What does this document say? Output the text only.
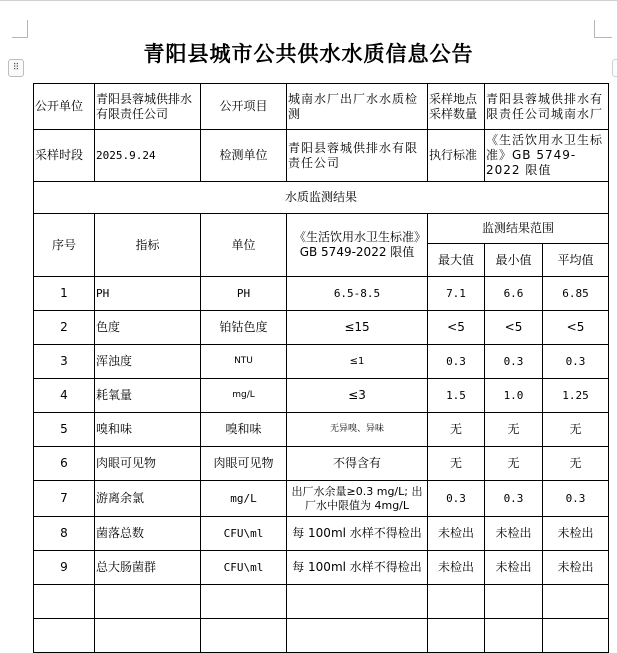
⠿
青阳县城市公共供水水质信息公告
公开单位	青阳县蓉城供排水有限责任公司	公开项目	城南水厂出厂水水质检测	采样地点采样数量	青阳县蓉城供排水有限责任公司城南水厂	
采样时段	2025.9.24	检测单位	青阳县蓉城供排水有限责任公司	执行标准	《生活饮用水卫生标准》GB 5749-2022 限值	
水质监测结果						
序号	指标	单位	《生活饮用水卫生标准》GB 5749-2022 限值	监测结果范围		
				最大值	最小值	平均值
1	PH	PH	6.5-8.5	7.1	6.6	6.85
2	色度	铂钴色度	≤15	<5	<5	<5
3	浑浊度	NTU	≤1	0.3	0.3	0.3
4	耗氧量	mg/L	≤3	1.5	1.0	1.25
5	嗅和味	嗅和味	无异嗅、异味	无	无	无
6	肉眼可见物	肉眼可见物	不得含有	无	无	无
7	游离余氯	mg/L	出厂水余量≥0.3 mg/L; 出厂水中限值为 4mg/L	0.3	0.3	0.3
8	菌落总数	CFU\ml	每 100ml 水样不得检出	未检出	未检出	未检出
9	总大肠菌群	CFU\ml	每 100ml 水样不得检出	未检出	未检出	未检出
